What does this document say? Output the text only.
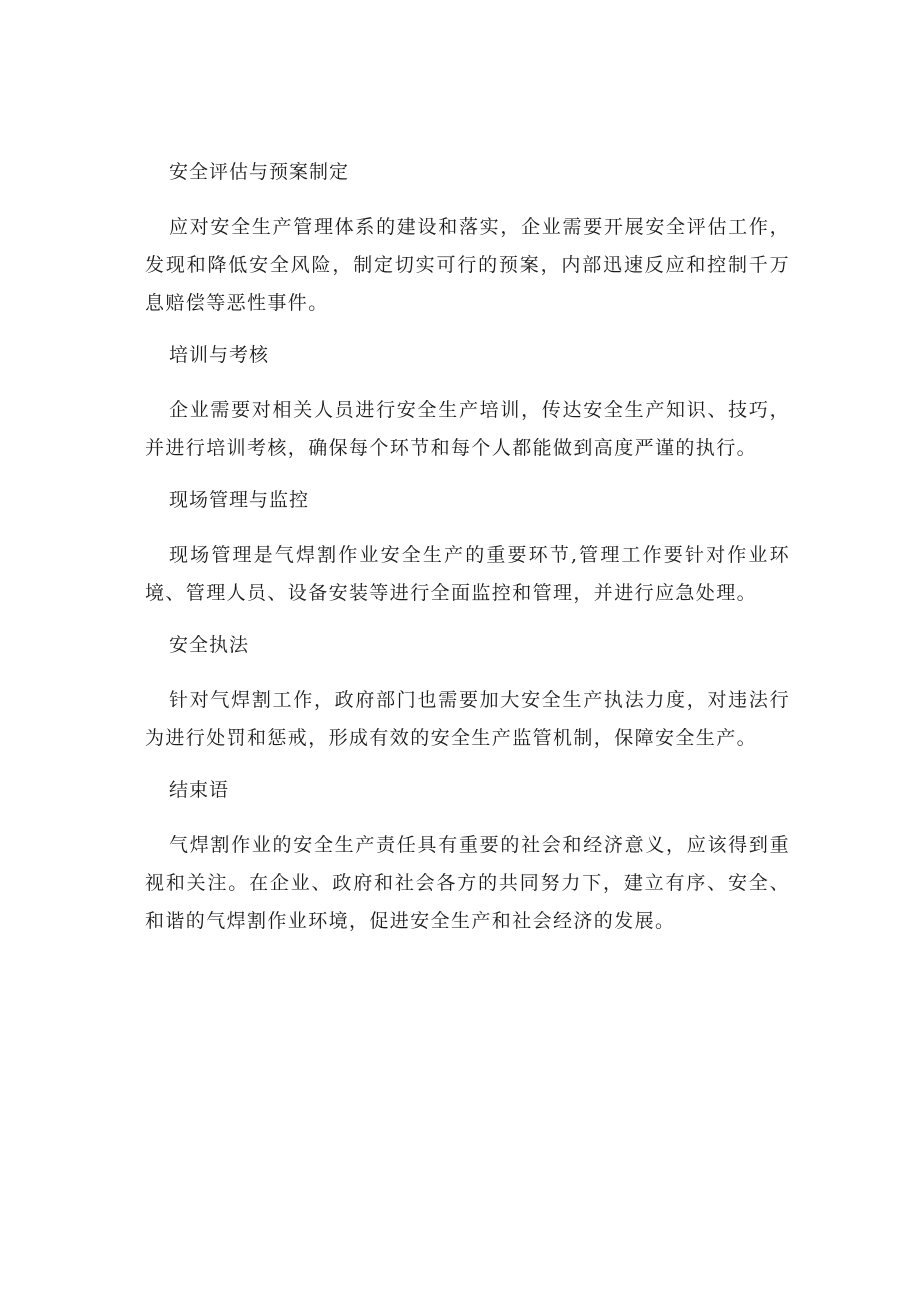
安全评估与预案制定

应对安全生产管理体系的建设和落实，企业需要开展安全评估工作，发现和降低安全风险，制定切实可行的预案，内部迅速反应和控制千万息赔偿等恶性事件。

培训与考核

企业需要对相关人员进行安全生产培训，传达安全生产知识、技巧，并进行培训考核，确保每个环节和每个人都能做到高度严谨的执行。

现场管理与监控

现场管理是气焊割作业安全生产的重要环节,管理工作要针对作业环境、管理人员、设备安装等进行全面监控和管理，并进行应急处理。

安全执法

针对气焊割工作，政府部门也需要加大安全生产执法力度，对违法行为进行处罚和惩戒，形成有效的安全生产监管机制，保障安全生产。

结束语

气焊割作业的安全生产责任具有重要的社会和经济意义，应该得到重视和关注。在企业、政府和社会各方的共同努力下，建立有序、安全、和谐的气焊割作业环境，促进安全生产和社会经济的发展。
